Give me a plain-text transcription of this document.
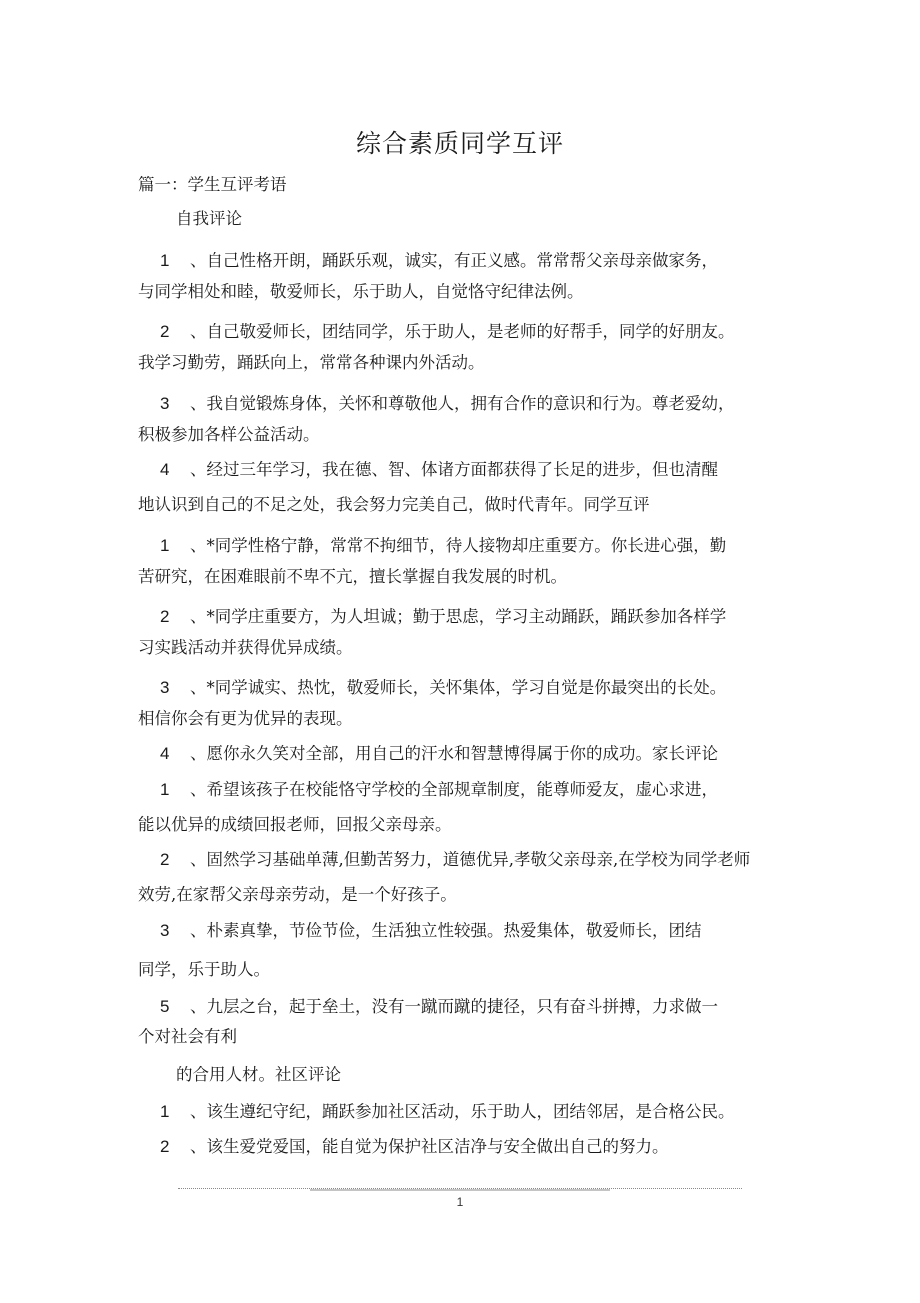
综合素质同学互评
篇一：学生互评考语
自我评论
1 、自己性格开朗，踊跃乐观，诚实，有正义感。常常帮父亲母亲做家务，
与同学相处和睦，敬爱师长，乐于助人，自觉恪守纪律法例。
2 、自己敬爱师长，团结同学，乐于助人，是老师的好帮手，同学的好朋友。
我学习勤劳，踊跃向上，常常各种课内外活动。
3 、我自觉锻炼身体，关怀和尊敬他人，拥有合作的意识和行为。尊老爱幼，
积极参加各样公益活动。
4 、经过三年学习，我在德、智、体诸方面都获得了长足的进步，但也清醒
地认识到自己的不足之处，我会努力完美自己，做时代青年。同学互评
1 、*同学性格宁静，常常不拘细节，待人接物却庄重要方。你长进心强，勤
苦研究，在困难眼前不卑不亢，擅长掌握自我发展的时机。
2 、*同学庄重要方，为人坦诚；勤于思虑，学习主动踊跃，踊跃参加各样学
习实践活动并获得优异成绩。
3 、*同学诚实、热忱，敬爱师长，关怀集体，学习自觉是你最突出的长处。
相信你会有更为优异的表现。
4 、愿你永久笑对全部，用自己的汗水和智慧博得属于你的成功。家长评论
1 、希望该孩子在校能恪守学校的全部规章制度，能尊师爱友，虚心求进，
能以优异的成绩回报老师，回报父亲母亲。
2 、固然学习基础单薄,但勤苦努力，道德优异,孝敬父亲母亲,在学校为同学老师
效劳,在家帮父亲母亲劳动，是一个好孩子。
3 、朴素真挚，节俭节俭，生活独立性较强。热爱集体，敬爱师长，团结
同学，乐于助人。
5 、九层之台，起于垒土，没有一蹴而蹴的捷径，只有奋斗拼搏，力求做一
个对社会有利
的合用人材。社区评论
1 、该生遵纪守纪，踊跃参加社区活动，乐于助人，团结邻居，是合格公民。
2 、该生爱党爱国，能自觉为保护社区洁净与安全做出自己的努力。
1
